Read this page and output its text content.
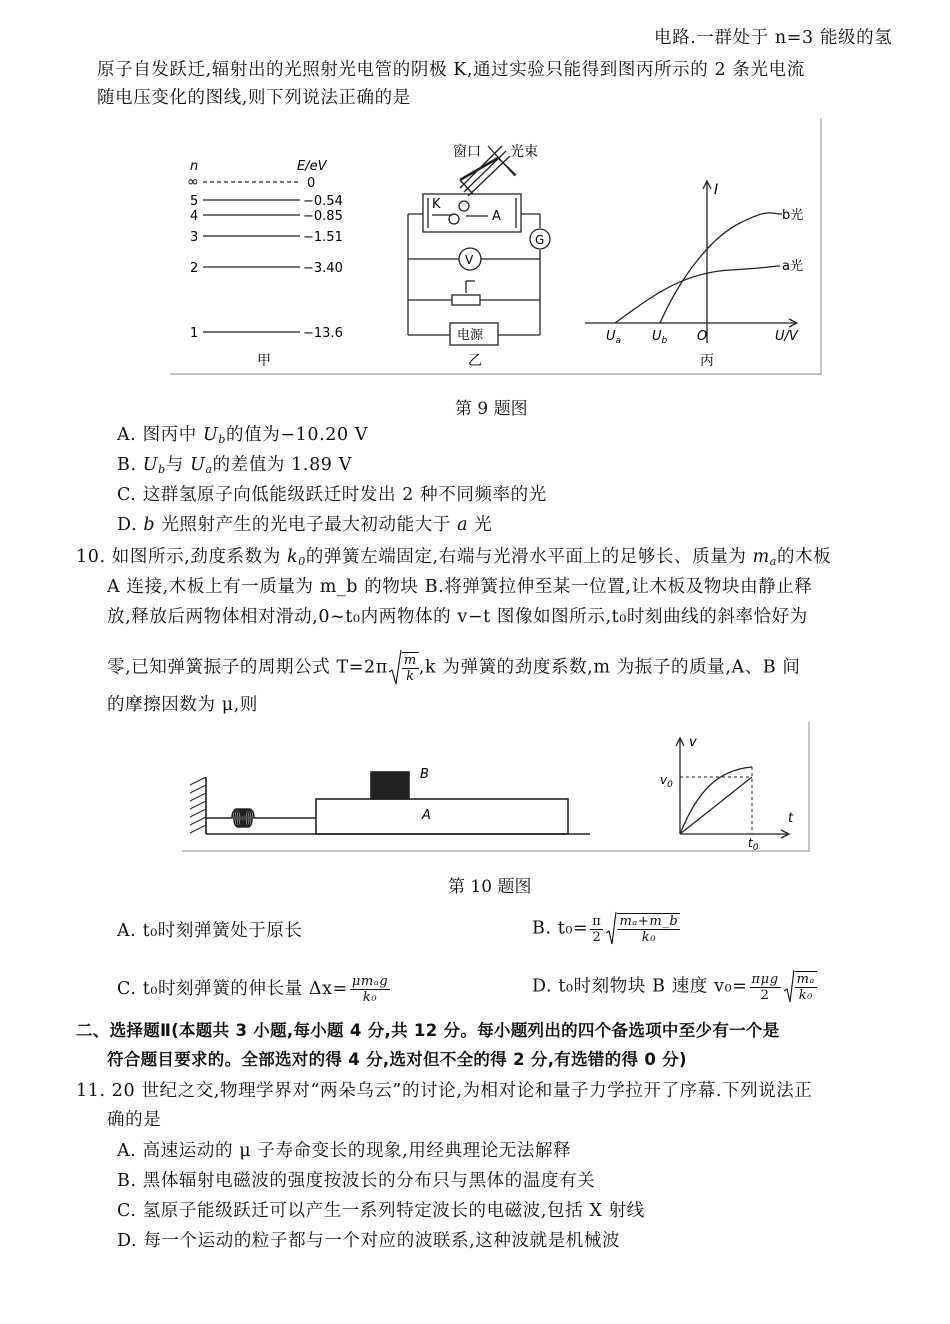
电路.一群处于 n=3 能级的氢
原子自发跃迁,辐射出的光照射光电管的阴极 K,通过实验只能得到图丙所示的 2 条光电流
随电压变化的图线,则下列说法正确的是
n	E/eV
∞	0
5	−0.54
4	−0.85
3	−1.51
2	−3.40
1	−13.6
甲
窗口 光束
K
A
G
V
电源
乙
I
b光
a光
$U_a$ $U_b$ O	U/V
丙
第 9 题图
A. 图丙中 $U_b$的值为−10.20 V
B. $U_b$与 $U_a$的差值为 1.89 V
C. 这群氢原子向低能级跃迁时发出 2 种不同频率的光
D. b 光照射产生的光电子最大初动能大于 a 光
10. 如图所示,劲度系数为 $k_0$的弹簧左端固定,右端与光滑水平面上的足够长、质量为 $m_a$的木板
A 连接,木板上有一质量为 m_b 的物块 B.将弹簧拉伸至某一位置,让木板及物块由静止释
放,释放后两物体相对滑动,0~t₀内两物体的 v−t 图像如图所示,t₀时刻曲线的斜率恰好为
零,已知弹簧振子的周期公式 $T=2\pi \frac{m}{k} ,k$ 为弹簧的劲度系数,m 为振子的质量,A、B 间
的摩擦因数为 μ,则
B
A
v
$v_0$
t
$t_0$
第 10 题图
A. t₀时刻弹簧处于原长	B. $t_0= \frac{\pi}{2} \frac{\text{mₐ+m\_b}}{\text{k₀}}$
C. t₀时刻弹簧的伸长量 $\Delta x= \frac{\text{μmₐg}}{\text{k₀}}$	D. t₀时刻物块 B 速度 $v_0= \frac{\text{πμg}}{2} \frac{\text{mₐ}}{\text{k₀}}$
二、选择题Ⅱ(本题共 3 小题,每小题 4 分,共 12 分。每小题列出的四个备选项中至少有一个是
符合题目要求的。全部选对的得 4 分,选对但不全的得 2 分,有选错的得 0 分)
11. 20 世纪之交,物理学界对“两朵乌云”的讨论,为相对论和量子力学拉开了序幕.下列说法正
确的是
A. 高速运动的 μ 子寿命变长的现象,用经典理论无法解释
B. 黑体辐射电磁波的强度按波长的分布只与黑体的温度有关
C. 氢原子能级跃迁可以产生一系列特定波长的电磁波,包括 X 射线
D. 每一个运动的粒子都与一个对应的波联系,这种波就是机械波
